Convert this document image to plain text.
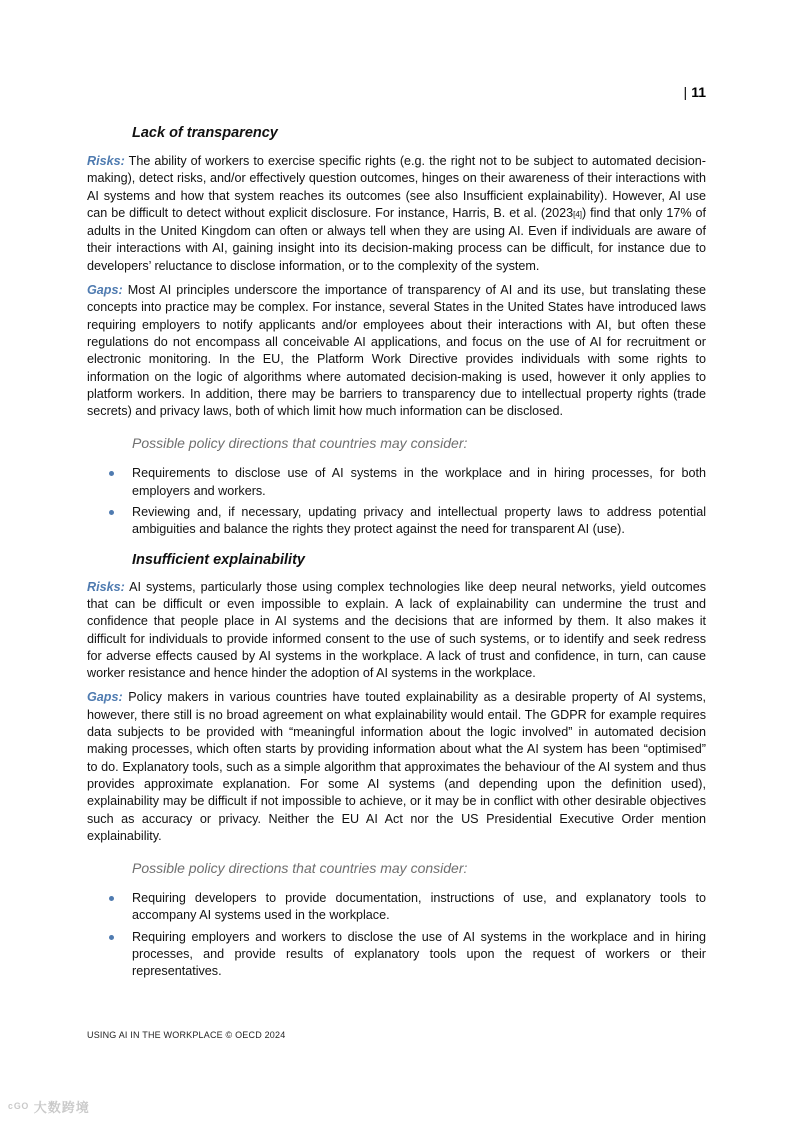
| 11
Lack of transparency

Risks: The ability of workers to exercise specific rights (e.g. the right not to be subject to automated decision-making), detect risks, and/or effectively question outcomes, hinges on their awareness of their interactions with AI systems and how that system reaches its outcomes (see also Insufficient explainability). However, AI use can be difficult to detect without explicit disclosure. For instance, Harris, B. et al. (2023[4]) find that only 17% of adults in the United Kingdom can often or always tell when they are using AI. Even if individuals are aware of their interactions with AI, gaining insight into its decision-making process can be difficult, for instance due to developers’ reluctance to disclose information, or to the complexity of the system.

Gaps: Most AI principles underscore the importance of transparency of AI and its use, but translating these concepts into practice may be complex. For instance, several States in the United States have introduced laws requiring employers to notify applicants and/or employees about their interactions with AI, but often these regulations do not encompass all conceivable AI applications, and focus on the use of AI for recruitment or electronic monitoring. In the EU, the Platform Work Directive provides individuals with some rights to information on the logic of algorithms where automated decision-making is used, however it only applies to platform workers. In addition, there may be barriers to transparency due to intellectual property rights (trade secrets) and privacy laws, both of which limit how much information can be disclosed.

Possible policy directions that countries may consider:
Requirements to disclose use of AI systems in the workplace and in hiring processes, for both employers and workers.
Reviewing and, if necessary, updating privacy and intellectual property laws to address potential ambiguities and balance the rights they protect against the need for transparent AI (use).
Insufficient explainability

Risks: AI systems, particularly those using complex technologies like deep neural networks, yield outcomes that can be difficult or even impossible to explain. A lack of explainability can undermine the trust and confidence that people place in AI systems and the decisions that are informed by them. It also makes it difficult for individuals to provide informed consent to the use of such systems, or to identify and seek redress for adverse effects caused by AI systems in the workplace. A lack of trust and confidence, in turn, can cause worker resistance and hence hinder the adoption of AI systems in the workplace.

Gaps: Policy makers in various countries have touted explainability as a desirable property of AI systems, however, there still is no broad agreement on what explainability would entail. The GDPR for example requires data subjects to be provided with “meaningful information about the logic involved” in automated decision making processes, which often starts by providing information about what the AI system has been “optimised” to do. Explanatory tools, such as a simple algorithm that approximates the behaviour of the AI system and thus provides approximate explanation. For some AI systems (and depending upon the definition used), explainability may be difficult if not impossible to achieve, or it may be in conflict with other desirable objectives such as accuracy or privacy. Neither the EU AI Act nor the US Presidential Executive Order mention explainability.

Possible policy directions that countries may consider:
Requiring developers to provide documentation, instructions of use, and explanatory tools to accompany AI systems used in the workplace.
Requiring employers and workers to disclose the use of AI systems in the workplace and in hiring processes, and provide results of explanatory tools upon the request of workers or their representatives.
USING AI IN THE WORKPLACE © OECD 2024
ᶜᴳᴼ 大数跨境
